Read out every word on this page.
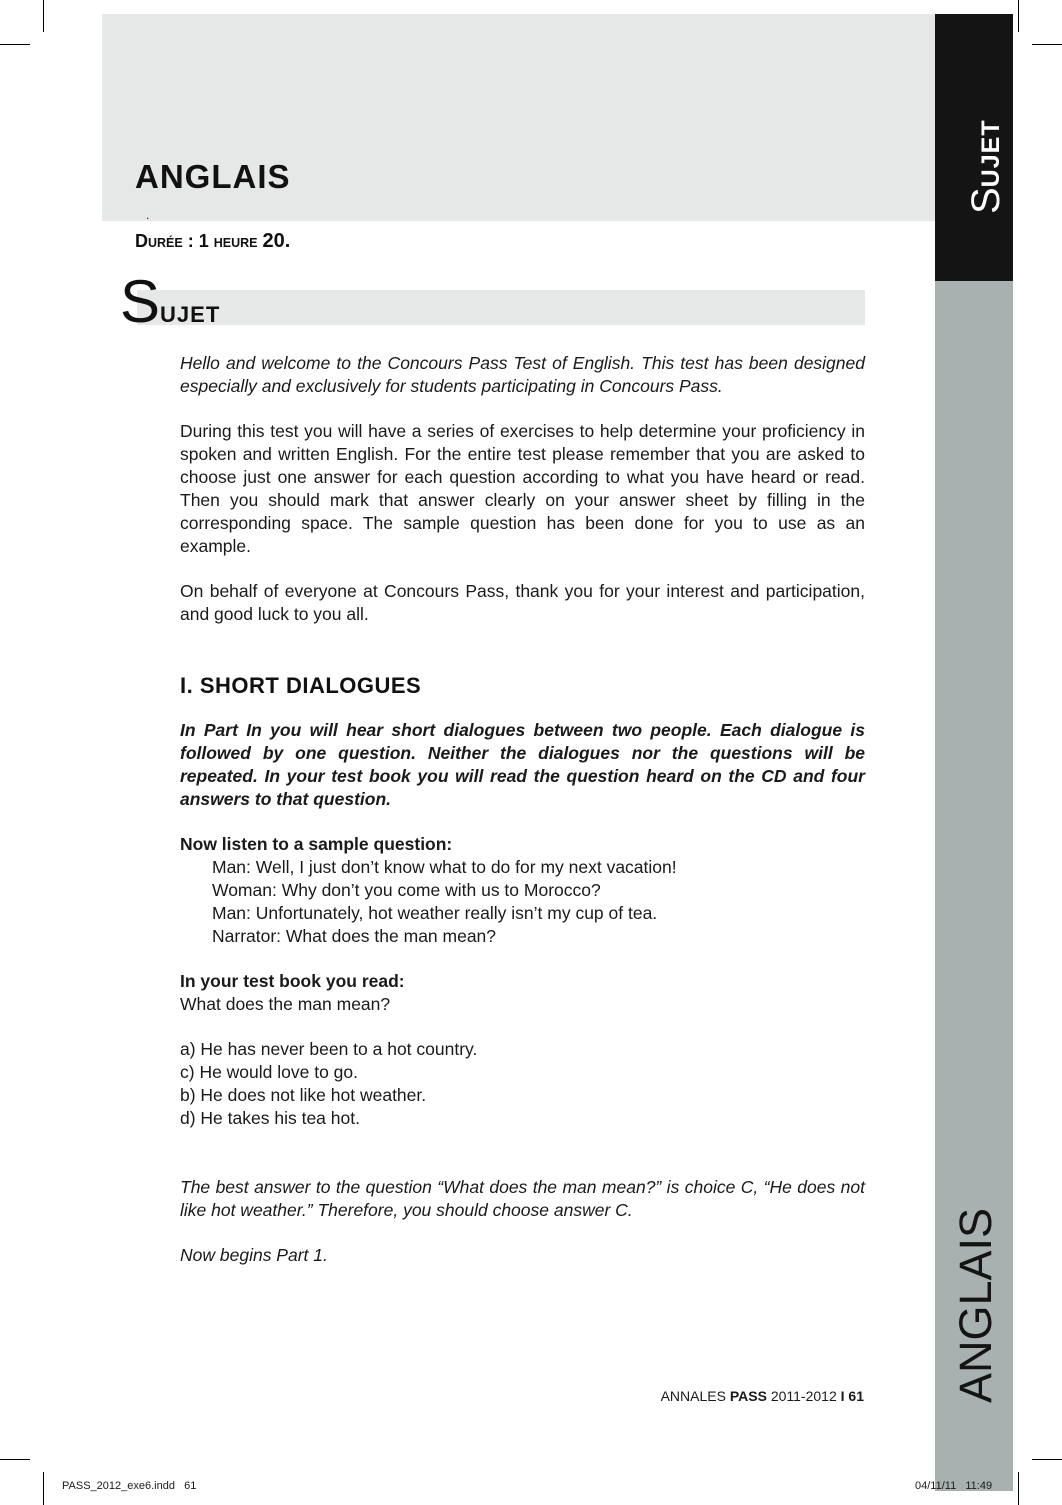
ANGLAIS
.
DURÉE : 1 HEURE 20.
SUJET
SUJET
ANGLAIS

Hello and welcome to the Concours Pass Test of English. This test has been designed especially and exclusively for students participating in Concours Pass.

During this test you will have a series of exercises to help determine your proficiency in spoken and written English. For the entire test please remember that you are asked to choose just one answer for each question according to what you have heard or read. Then you should mark that answer clearly on your answer sheet by filling in the corresponding space. The sample question has been done for you to use as an example.

On behalf of everyone at Concours Pass, thank you for your interest and participation, and good luck to you all.

I. SHORT DIALOGUES

In Part In you will hear short dialogues between two people. Each dialogue is followed by one question. Neither the dialogues nor the questions will be repeated. In your test book you will read the question heard on the CD and four answers to that question.

Now listen to a sample question:

Man: Well, I just don’t know what to do for my next vacation!

Woman: Why don’t you come with us to Morocco?

Man: Unfortunately, hot weather really isn’t my cup of tea.

Narrator: What does the man mean?

In your test book you read:

What does the man mean?

a) He has never been to a hot country.

c) He would love to go.

b) He does not like hot weather.

d) He takes his tea hot.

The best answer to the question “What does the man mean?” is choice C, “He does not like hot weather.” Therefore, you should choose answer C.

Now begins Part 1.

ANNALES PASS 2011-2012 I 61
PASS_2012_exe6.indd   61	04/11/11   11:49
